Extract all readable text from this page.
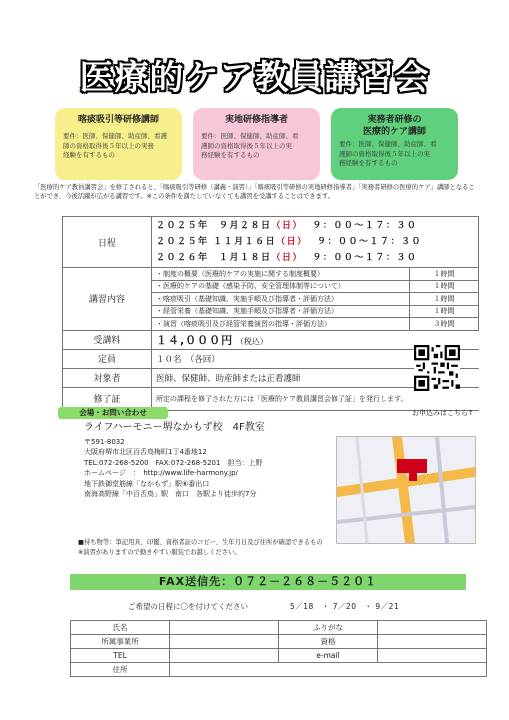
医療的ケア教員講習会
喀痰吸引等研修講師
要件：医師、保健師、助産師、看護
師の資格取得後５年以上の実務
経験を有するもの
実地研修指導者
要件：医師、保健師、助産師、看
護師の資格取得後５年以上の実
務経験を有するもの
実務者研修の
医療的ケア講師
要件：医師、保健師、助産師、看
護師の資格取得後５年以上の実
務経験を有するもの
「医療的ケア教員講習会」を修了されると、「喀痰吸引等研修（講義・演習）」「喀痰吸引等研修の実地研修指導者」「実務者研修の医療的ケア」講師となることができ、今後活躍が広がる講習です。※この条件を満たしていなくても講習を受講することはできます。
日程	２０２５年　９月２８日（日） ９：００～１７：３０
２０２５年 １１月１６日（日） ９：００～１７：３０
２０２６年　１月１８日（日） ９：００～１７：３０	

講習内容	・制度の概要（医療的ケアの実施に関する制度概要）	１時間
	・医療的ケアの基礎（感染予防、安全管理体制等について）	１時間
	・喀痰吸引（基礎知識、実施手順及び指導者・評価方法）	１時間
	・経管栄養（基礎知識、実施手順及び指導者・評価方法）	１時間
	・演習（喀痰吸引及び経管栄養演習の指導・評価方法）	３時間
受講料	１４,０００円 （税込）	
定員	１０名　（各回）	
対象者	医師、保健師、助産師または正看護師	
修了証	所定の課程を修了された方には「医療的ケア教員講習会修了証」を発行します。	
お申込みはこちら↑
会場・お問い合わせ
ライフハーモニー堺なかもず校　4F教室
〒591-8032
大阪府堺市北区百舌鳥梅町1丁4番地12
TEL:072-268-5200　FAX:072-268-5201　担当：上野
ホームページ　：　http://www.life-harmony.jp/
地下鉄御堂筋線「なかもず」駅⑥番出口
南海高野線「中百舌鳥」駅　南口　各駅より徒歩約7分
■持ち物等：筆記用具、印鑑、資格者証のコピー、生年月日及び住所が確認できるもの
※演習がありますので動きやすい服装でお越しください。
FAX送信先：０７２－２６８－５２０１
ご希望の日程に〇を付けてください	5／18　・ 7／20　・ 9／21
氏名		ふりがな	
所属事業所		資格	
TEL		e-mail	
住所			
